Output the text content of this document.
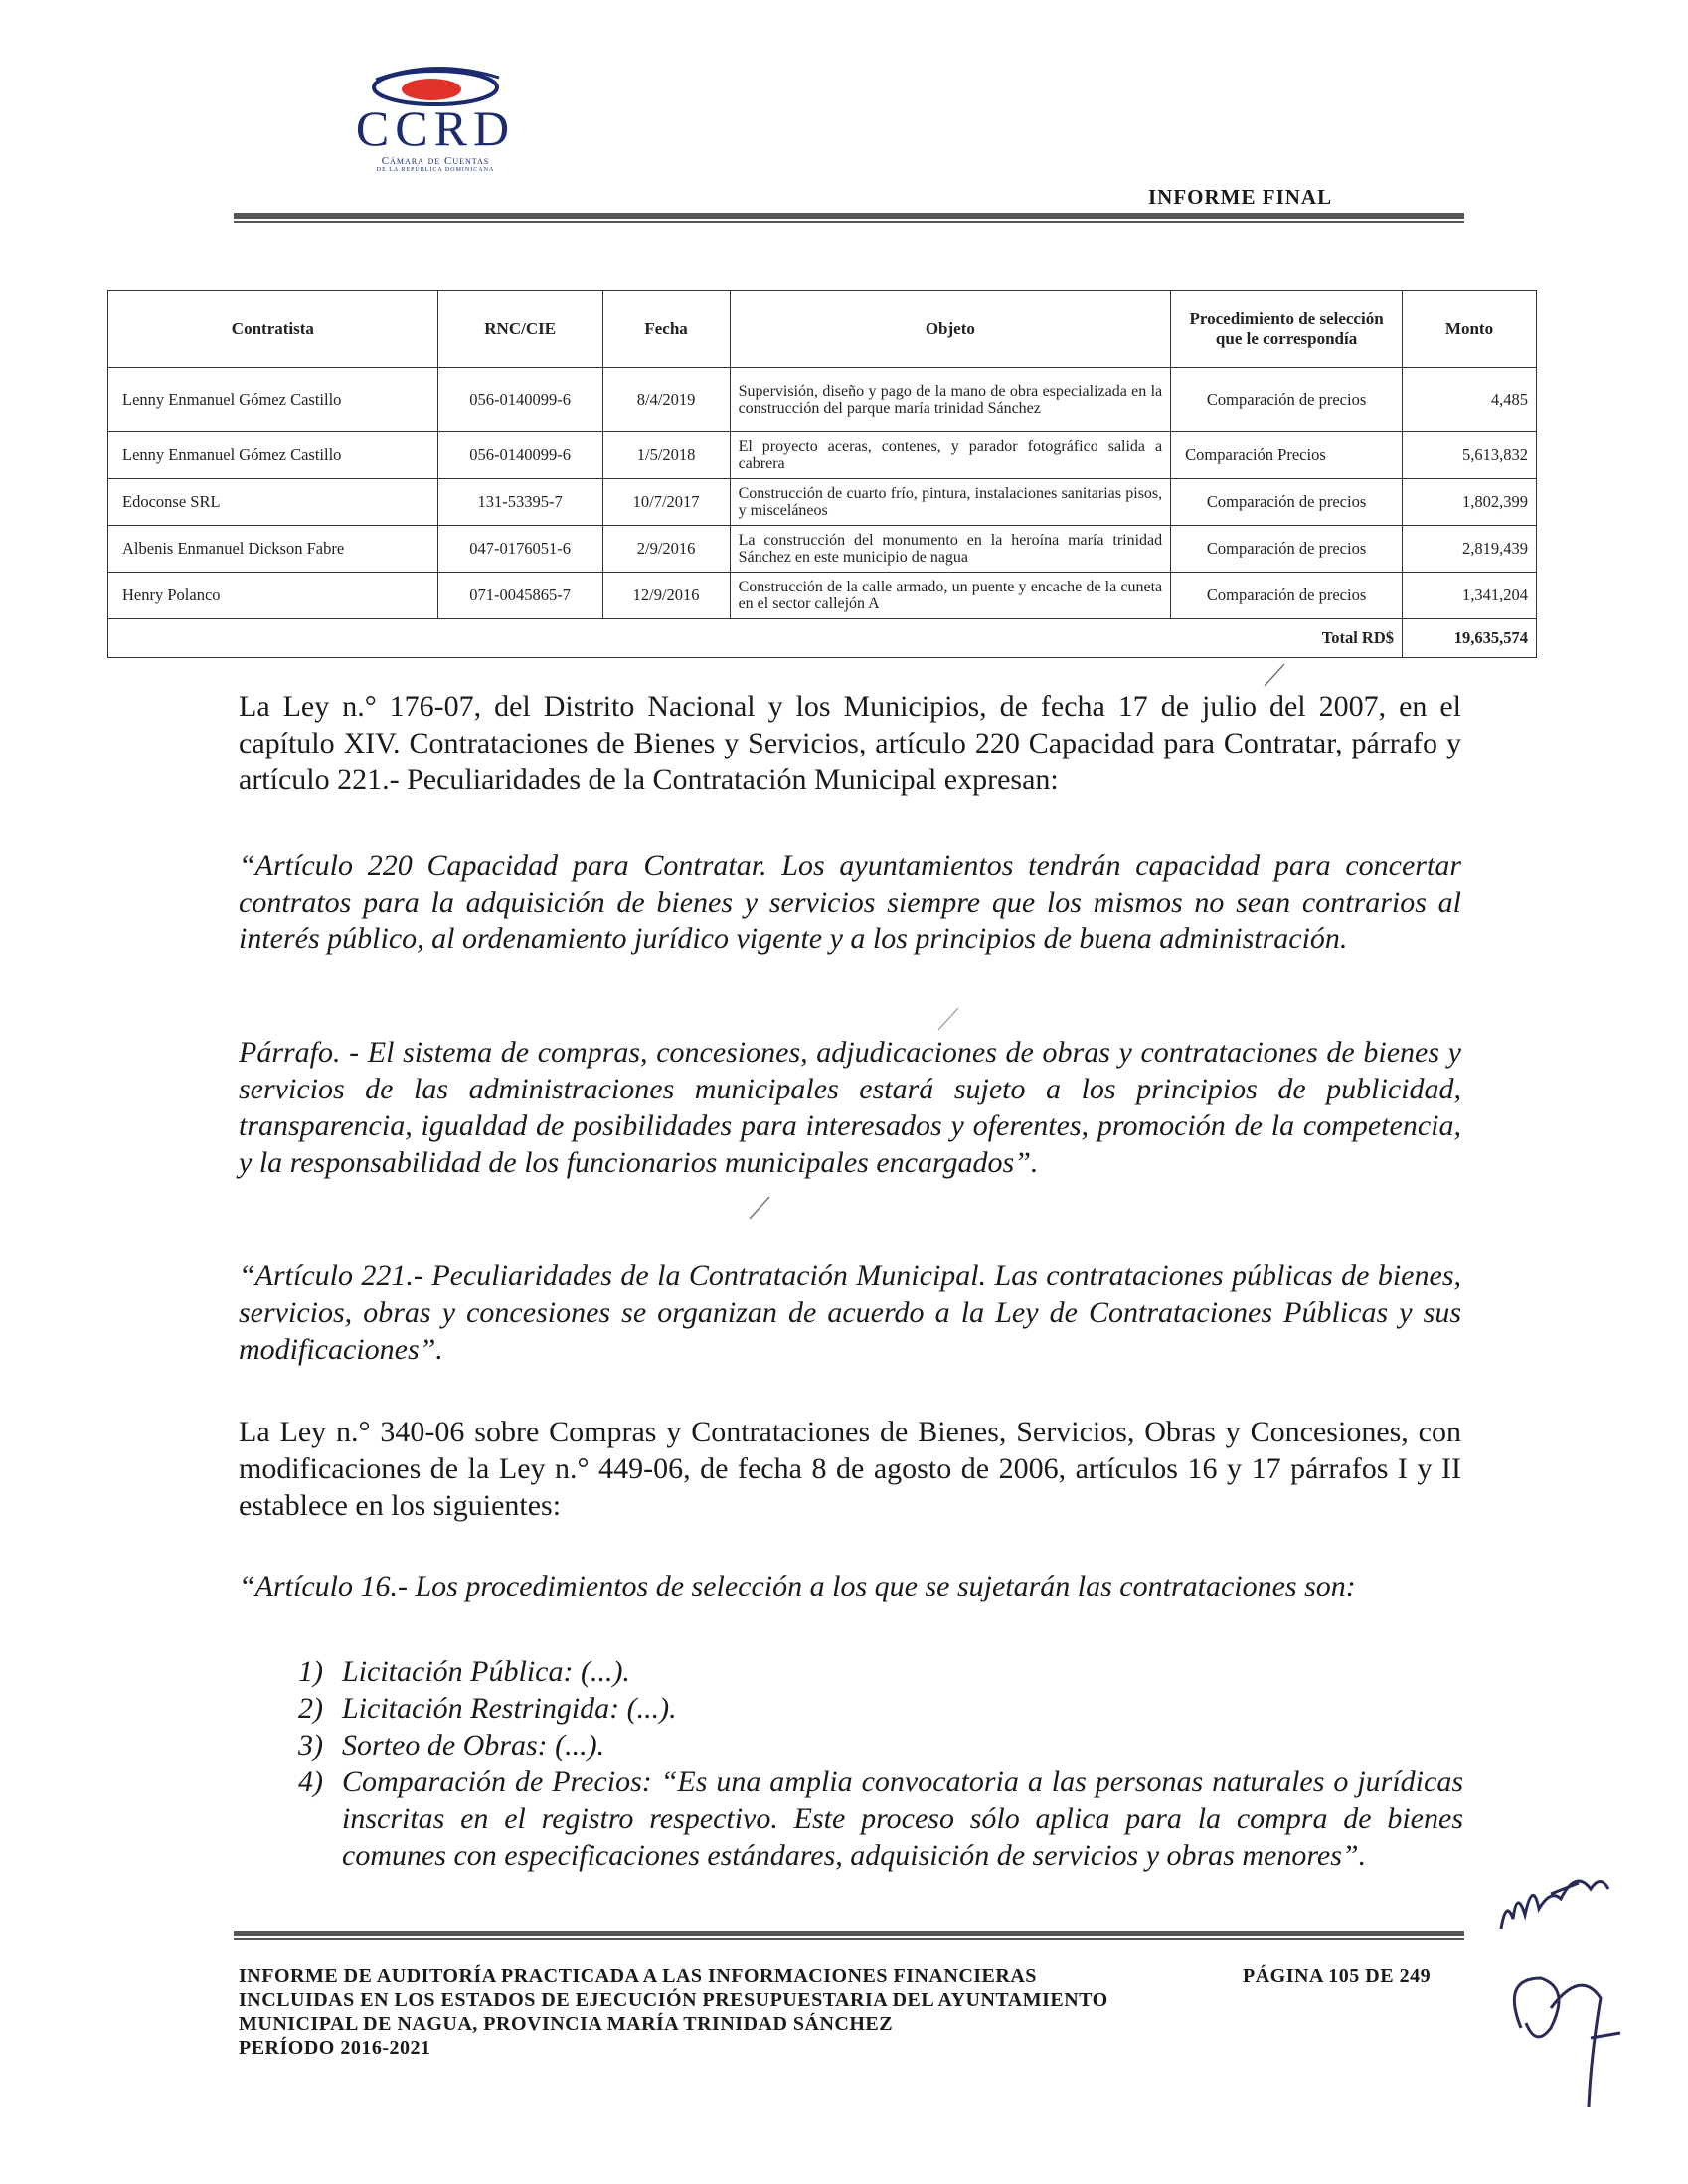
CCRD
Cámara de Cuentas
DE LA REPÚBLICA DOMINICANA
INFORME FINAL
Contratista	RNC/CIE	Fecha	Objeto	Procedimiento de selección que le correspondía	Monto
Lenny Enmanuel Gómez Castillo	056-0140099-6	8/4/2019	Supervisión, diseño y pago de la mano de obra especializada en la construcción del parque maría trinidad Sánchez	Comparación de precios	4,485
Lenny Enmanuel Gómez Castillo	056-0140099-6	1/5/2018	El proyecto aceras, contenes, y parador fotográfico salida a cabrera	Comparación Precios	5,613,832
Edoconse SRL	131-53395-7	10/7/2017	Construcción de cuarto frío, pintura, instalaciones sanitarias pisos, y misceláneos	Comparación de precios	1,802,399
Albenis Enmanuel Dickson Fabre	047-0176051-6	2/9/2016	La construcción del monumento en la heroína maría trinidad Sánchez en este municipio de nagua	Comparación de precios	2,819,439
Henry Polanco	071-0045865-7	12/9/2016	Construcción de la calle armado, un puente y encache de la cuneta en el sector callejón A	Comparación de precios	1,341,204
				Total RD$	19,635,574

La Ley n.° 176-07, del Distrito Nacional y los Municipios, de fecha 17 de julio del 2007, en el capítulo XIV. Contrataciones de Bienes y Servicios, artículo 220 Capacidad para Contratar, párrafo y artículo 221.- Peculiaridades de la Contratación Municipal expresan:

“Artículo 220 Capacidad para Contratar. Los ayuntamientos tendrán capacidad para concertar contratos para la adquisición de bienes y servicios siempre que los mismos no sean contrarios al interés público, al ordenamiento jurídico vigente y a los principios de buena administración.

Párrafo. - El sistema de compras, concesiones, adjudicaciones de obras y contrataciones de bienes y servicios de las administraciones municipales estará sujeto a los principios de publicidad, transparencia, igualdad de posibilidades para interesados y oferentes, promoción de la competencia, y la responsabilidad de los funcionarios municipales encargados”.

“Artículo 221.- Peculiaridades de la Contratación Municipal. Las contrataciones públicas de bienes, servicios, obras y concesiones se organizan de acuerdo a la Ley de Contrataciones Públicas y sus modificaciones”.

La Ley n.° 340-06 sobre Compras y Contrataciones de Bienes, Servicios, Obras y Concesiones, con modificaciones de la Ley n.° 449-06, de fecha 8 de agosto de 2006, artículos 16 y 17 párrafos I y II establece en los siguientes:

“Artículo 16.- Los procedimientos de selección a los que se sujetarán las contrataciones son:

1) Licitación Pública: (...).
2) Licitación Restringida: (...).
3) Sorteo de Obras: (...).
4) Comparación de Precios: “Es una amplia convocatoria a las personas naturales o jurídicas inscritas en el registro respectivo. Este proceso sólo aplica para la compra de bienes comunes con especificaciones estándares, adquisición de servicios y obras menores”.
INFORME DE AUDITORÍA PRACTICADA A LAS INFORMACIONES FINANCIERAS
INCLUIDAS EN LOS ESTADOS DE EJECUCIÓN PRESUPUESTARIA DEL AYUNTAMIENTO
MUNICIPAL DE NAGUA, PROVINCIA MARÍA TRINIDAD SÁNCHEZ
PERÍODO 2016-2021
PÁGINA 105 DE 249
